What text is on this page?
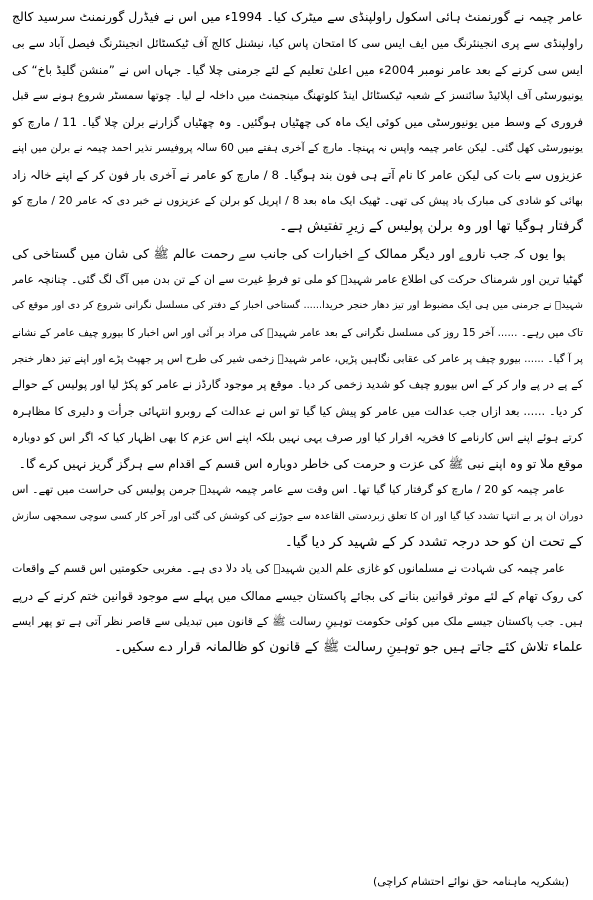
عامر چیمہ نے گورنمنٹ ہائی اسکول راولپنڈی سے میٹرک کیا۔ 1994ء میں اس نے فیڈرل گورنمنٹ سرسید کالج
راولپنڈی سے پری انجینئرنگ میں ایف ایس سی کا امتحان پاس کیا، نیشنل کالج آف ٹیکسٹائل انجینئرنگ فیصل آباد سے بی
ایس سی کرنے کے بعد عامر نومبر 2004ء میں اعلیٰ تعلیم کے لئے جرمنی چلا گیا۔ جہاں اس نے ”منشن گلیڈ باخ“ کی
یونیورسٹی آف اپلائیڈ سائنسز کے شعبہ ٹیکسٹائل اینڈ کلوتھنگ مینجمنٹ میں داخلہ لے لیا۔ چوتھا سمسٹر شروع ہونے سے قبل
فروری کے وسط میں یونیورسٹی میں کوئی ایک ماہ کی چھٹیاں ہوگئیں۔ وہ چھٹیاں گزارنے برلن چلا گیا۔ 11 / مارچ کو
یونیورسٹی کھل گئی۔ لیکن عامر چیمہ واپس نہ پہنچا۔ مارچ کے آخری ہفتے میں 60 سالہ پروفیسر نذیر احمد چیمہ نے برلن میں اپنے
عزیزوں سے بات کی لیکن عامر کا نام آتے ہی فون بند ہوگیا۔ 8 / مارچ کو عامر نے آخری بار فون کر کے اپنے خالہ زاد
بھائی کو شادی کی مبارک باد پیش کی تھی۔ ٹھیک ایک ماہ بعد 8 / اپریل کو برلن کے عزیزوں نے خبر دی کہ عامر 20 / مارچ کو
گرفتار ہوگیا تھا اور وہ برلن پولیس کے زیرِ تفتیش ہے۔
ہوا یوں کہ جب ناروے اور دیگر ممالک کے اخبارات کی جانب سے رحمت عالم ﷺ کی شان میں گستاخی کی
گھٹیا ترین اور شرمناک حرکت کی اطلاع عامر شہیدؒ کو ملی تو فرطِ غیرت سے ان کے تن بدن میں آگ لگ گئی۔ چنانچہ عامر
شہیدؒ نے جرمنی میں ہی ایک مضبوط اور تیز دھار خنجر خریدا...... گستاخی اخبار کے دفتر کی مسلسل نگرانی شروع کر دی اور موقع کی
تاک میں رہے۔ ...... آخر 15 روز کی مسلسل نگرانی کے بعد عامر شہیدؒ کی مراد بر آئی اور اس اخبار کا بیورو چیف عامر کے نشانے
پر آ گیا۔ ...... بیورو چیف پر عامر کی عقابی نگاہیں پڑیں، عامر شہیدؒ زخمی شیر کی طرح اس پر جھپٹ پڑے اور اپنے تیز دھار خنجر
کے پے در پے وار کر کے اس بیورو چیف کو شدید زخمی کر دیا۔ موقع پر موجود گارڈز نے عامر کو پکڑ لیا اور پولیس کے حوالے
کر دیا۔ ...... بعد ازاں جب عدالت میں عامر کو پیش کیا گیا تو اس نے عدالت کے روبرو انتہائی جرأت و دلیری کا مظاہرہ
کرتے ہوئے اپنے اس کارنامے کا فخریہ اقرار کیا اور صرف یہی نہیں بلکہ اپنے اس عزم کا بھی اظہار کیا کہ اگر اس کو دوبارہ
موقع ملا تو وہ اپنے نبی ﷺ کی عزت و حرمت کی خاطر دوبارہ اس قسم کے اقدام سے ہرگز گریز نہیں کرے گا۔
عامر چیمہ کو 20 / مارچ کو گرفتار کیا گیا تھا۔ اس وقت سے عامر چیمہ شہیدؒ جرمن پولیس کی حراست میں تھے۔ اس
دوران ان پر بے انتہا تشدد کیا گیا اور ان کا تعلق زبردستی القاعدہ سے جوڑنے کی کوشش کی گئی اور آخر کار کسی سوچی سمجھی سازش
کے تحت ان کو حد درجہ تشدد کر کے شہید کر دیا گیا۔
عامر چیمہ کی شہادت نے مسلمانوں کو غازی علم الدین شہیدؒ کی یاد دلا دی ہے۔ مغربی حکومتیں اس قسم کے واقعات
کی روک تھام کے لئے موثر قوانین بنانے کی بجائے پاکستان جیسے ممالک میں پہلے سے موجود قوانین ختم کرنے کے درپے
ہیں۔ جب پاکستان جیسے ملک میں کوئی حکومت توہینِ رسالت ﷺ کے قانون میں تبدیلی سے قاصر نظر آتی ہے تو پھر ایسے
علماء تلاش کئے جاتے ہیں جو توہینِ رسالت ﷺ کے قانون کو ظالمانہ قرار دے سکیں۔
(بشکریہ ماہنامہ حق نوائے احتشام کراچی)
